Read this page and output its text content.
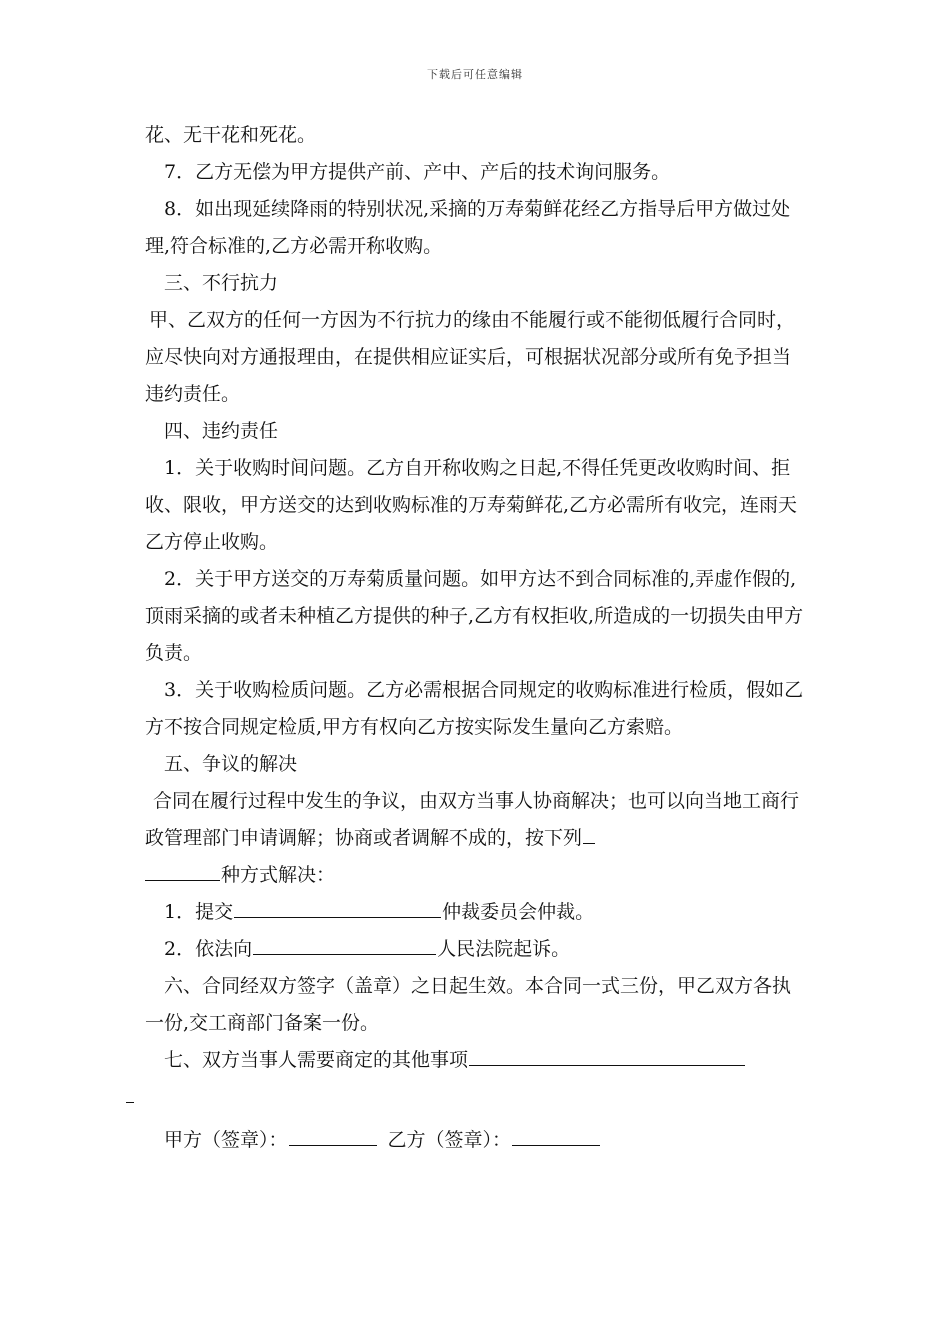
下载后可任意编辑

花、无干花和死花。

7．乙方无偿为甲方提供产前、产中、产后的技术询问服务。

8．如出现延续降雨的特别状况,采摘的万寿菊鲜花经乙方指导后甲方做过处理,符合标准的,乙方必需开称收购。

三、不行抗力

甲、乙双方的任何一方因为不行抗力的缘由不能履行或不能彻低履行合同时，应尽快向对方通报理由，在提供相应证实后，可根据状况部分或所有免予担当违约责任。

四、违约责任

1．关于收购时间问题。乙方自开称收购之日起,不得任凭更改收购时间、拒收、限收，甲方送交的达到收购标准的万寿菊鲜花,乙方必需所有收完，连雨天乙方停止收购。

2．关于甲方送交的万寿菊质量问题。如甲方达不到合同标准的,弄虚作假的,顶雨采摘的或者未种植乙方提供的种子,乙方有权拒收,所造成的一切损失由甲方负责。

3．关于收购检质问题。乙方必需根据合同规定的收购标准进行检质，假如乙方不按合同规定检质,甲方有权向乙方按实际发生量向乙方索赔。

五、争议的解决

合同在履行过程中发生的争议，由双方当事人协商解决；也可以向当地工商行政管理部门申请调解；协商或者调解不成的，按下列
种方式解决：

1．提交	仲裁委员会仲裁。

2．依法向	人民法院起诉。

六、合同经双方签字（盖章）之日起生效。本合同一式三份，甲乙双方各执一份,交工商部门备案一份。

七、双方当事人需要商定的其他事项

甲方（签章）：	乙方（签章）：
